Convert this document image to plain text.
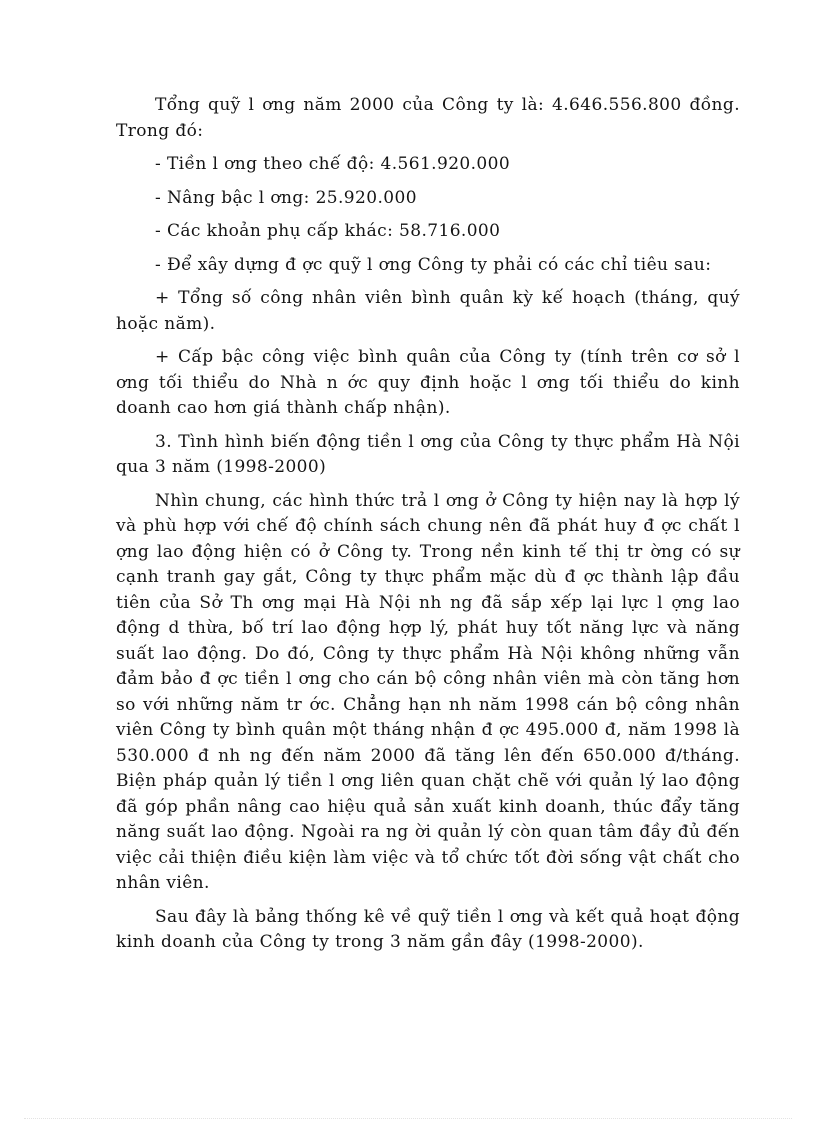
Tổng quỹ l ơng năm 2000 của Công ty là: 4.646.556.800 đồng. Trong đó:

- Tiền l ơng theo chế độ: 4.561.920.000

- Nâng bậc l ơng: 25.920.000

- Các khoản phụ cấp khác: 58.716.000

- Để xây dựng đ ợc quỹ l ơng Công ty phải có các chỉ tiêu sau:

+ Tổng số công nhân viên bình quân kỳ kế hoạch (tháng, quý hoặc năm).

+ Cấp bậc công việc bình quân của Công ty (tính trên cơ sở l ơng tối thiểu do Nhà n ớc quy định hoặc l ơng tối thiểu do kinh doanh cao hơn giá thành chấp nhận).

3. Tình hình biến động tiền l ơng của Công ty thực phẩm Hà Nội qua 3 năm (1998-2000)

Nhìn chung, các hình thức trả l ơng ở Công ty hiện nay là hợp lý và phù hợp với chế độ chính sách chung nên đã phát huy đ ợc chất l ợng lao động hiện có ở Công ty. Trong nền kinh tế thị tr ờng có sự cạnh tranh gay gắt, Công ty thực phẩm mặc dù đ ợc thành lập đầu tiên của Sở Th ơng mại Hà Nội nh ng đã sắp xếp lại lực l ợng lao động d thừa, bố trí lao động hợp lý, phát huy tốt năng lực và năng suất lao động. Do đó, Công ty thực phẩm Hà Nội không những vẫn đảm bảo đ ợc tiền l ơng cho cán bộ công nhân viên mà còn tăng hơn so với những năm tr ớc. Chẳng hạn nh năm 1998 cán bộ công nhân viên Công ty bình quân một tháng nhận đ ợc 495.000 đ, năm 1998 là 530.000 đ nh ng đến năm 2000 đã tăng lên đến 650.000 đ/tháng. Biện pháp quản lý tiền l ơng liên quan chặt chẽ với quản lý lao động đã góp phần nâng cao hiệu quả sản xuất kinh doanh, thúc đẩy tăng năng suất lao động. Ngoài ra ng ời quản lý còn quan tâm đầy đủ đến việc cải thiện điều kiện làm việc và tổ chức tốt đời sống vật chất cho nhân viên.

Sau đây là bảng thống kê về quỹ tiền l ơng và kết quả hoạt động kinh doanh của Công ty trong 3 năm gần đây (1998-2000).
